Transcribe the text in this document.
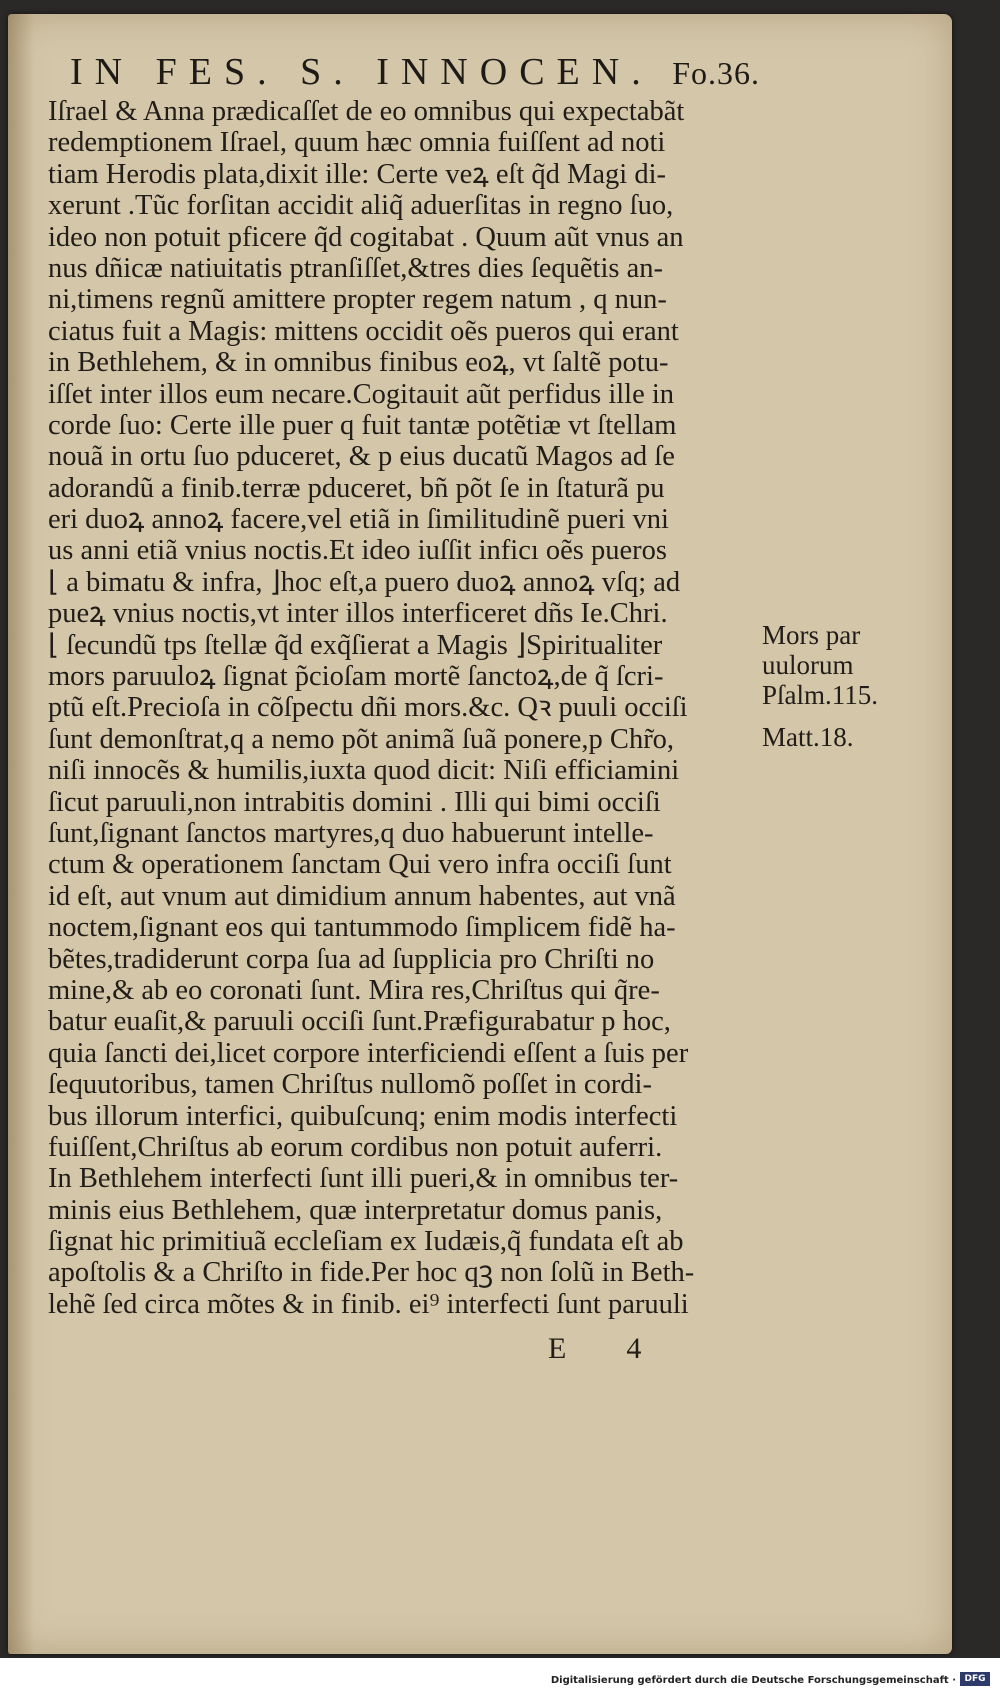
IN FES. S. INNOCEN. Fo.36.
Iſrael & Anna prædicaſſet de eo omnibus qui expectabãt
redemptionem Iſrael, quum hæc omnia fuiſſent ad noti
tiam Herodis plata,dixit ille: Certe veꝝ eſt q̃d Magi di-
xerunt .Tũc forſitan accidit aliq̃ aduerſitas in regno ſuo,
ideo non potuit pficere q̃d cogitabat . Quum aũt vnus an
nus dñicæ natiuitatis ptranſiſſet,&tres dies ſequẽtis an-
ni,timens regnũ amittere propter regem natum , q nun-
ciatus fuit a Magis: mittens occidit oẽs pueros qui erant
in Bethlehem, & in omnibus finibus eoꝝ, vt ſaltẽ potu-
iſſet inter illos eum necare.Cogitauit aũt perfidus ille in
corde ſuo: Certe ille puer q fuit tantæ potẽtiæ vt ſtellam
nouã in ortu ſuo pduceret, & p eius ducatũ Magos ad ſe
adorandũ a finib.terræ pduceret, bñ põt ſe in ſtaturã pu
eri duoꝝ annoꝝ facere,vel etiã in ſimilitudinẽ pueri vni
us anni etiã vnius noctis.Et ideo iuſſit inficı oẽs pueros
⌊ a bimatu & infra, ⌋hoc eſt,a puero duoꝝ annoꝝ vſq; ad
pueꝝ vnius noctis,vt inter illos interficeret dñs Ie.Chri.
⌊ ſecundũ tps ſtellæ q̃d exq̃ſierat a Magis ⌋Spiritualiter
mors paruuloꝝ ſignat p̃cioſam mortẽ ſanctoꝝ,de q̃ ſcri-
ptũ eſt.Precioſa in cõſpectu dñi mors.&c. Qꝛ puuli occiſi
ſunt demonſtrat,q a nemo põt animã ſuã ponere,p Chr̃o,
niſi innocẽs & humilis,iuxta quod dicit: Niſi efficiamini
ſicut paruuli,non intrabitis domini . Illi qui bimi occiſi
ſunt,ſignant ſanctos martyres,q duo habuerunt intelle-
ctum & operationem ſanctam Qui vero infra occiſi ſunt
id eſt, aut vnum aut dimidium annum habentes, aut vnã
noctem,ſignant eos qui tantummodo ſimplicem fidẽ ha-
bẽtes,tradiderunt corpa ſua ad ſupplicia pro Chriſti no
mine,& ab eo coronati ſunt. Mira res,Chriſtus qui q̃re-
batur euaſit,& paruuli occiſi ſunt.Præfigurabatur p hoc,
quia ſancti dei,licet corpore interficiendi eſſent a ſuis per
ſequutoribus, tamen Chriſtus nullomõ poſſet in cordi-
bus illorum interfici, quibuſcunq; enim modis interfecti
fuiſſent,Chriſtus ab eorum cordibus non potuit auferri.
In Bethlehem interfecti ſunt illi pueri,& in omnibus ter-
minis eius Bethlehem, quæ interpretatur domus panis,
ſignat hic primitiuã eccleſiam ex Iudæis,q̃ fundata eſt ab
apoſtolis & a Chriſto in fide.Per hoc qꝫ non ſolũ in Beth-
lehẽ ſed circa mõtes & in finib. ei⁹ interfecti ſunt paruuli
Mors par
uulorum
Pſalm.115.
Matt.18.
E 4
Digitalisierung gefördert durch die Deutsche Forschungsgemeinschaft · DFG
